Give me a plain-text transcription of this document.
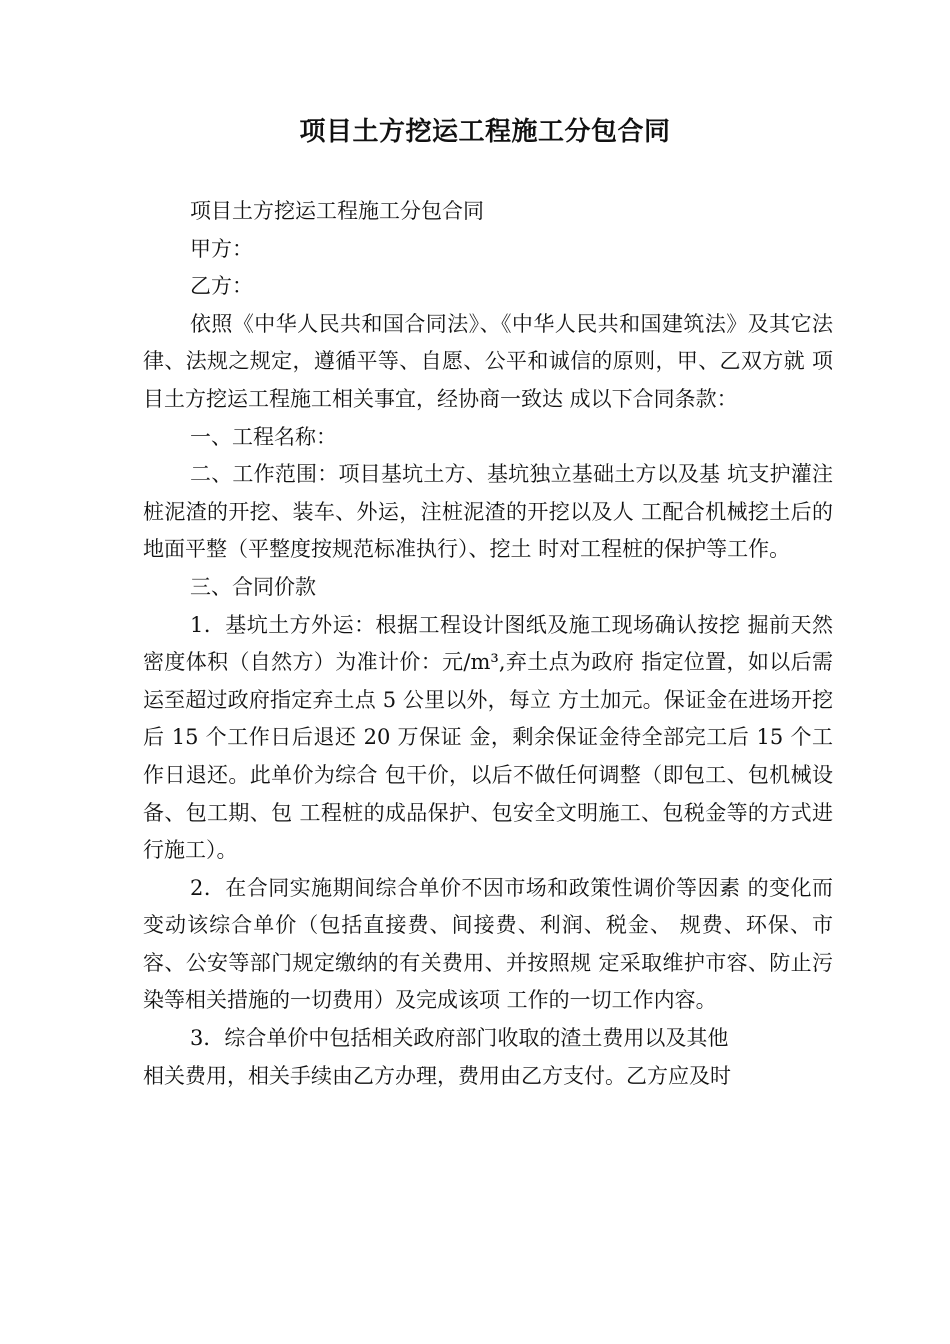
项目土方挖运工程施工分包合同

项目土方挖运工程施工分包合同

甲方：

乙方：

依照《中华人民共和国合同法》、《中华人民共和国建筑法》及其它法律、法规之规定，遵循平等、自愿、公平和诚信的原则，甲、乙双方就 项目土方挖运工程施工相关事宜，经协商一致达 成以下合同条款：

一、工程名称：

二、工作范围：项目基坑土方、基坑独立基础土方以及基 坑支护灌注桩泥渣的开挖、装车、外运，注桩泥渣的开挖以及人 工配合机械挖土后的地面平整（平整度按规范标准执行）、挖土 时对工程桩的保护等工作。

三、合同价款

1．基坑土方外运：根据工程设计图纸及施工现场确认按挖 掘前天然密度体积（自然方）为准计价：元/m³,弃土点为政府 指定位置，如以后需运至超过政府指定弃土点 5 公里以外，每立 方土加元。保证金在进场开挖后 15 个工作日后退还 20 万保证 金，剩余保证金待全部完工后 15 个工作日退还。此单价为综合 包干价，以后不做任何调整（即包工、包机械设备、包工期、包 工程桩的成品保护、包安全文明施工、包税金等的方式进行施工）。

2．在合同实施期间综合单价不因市场和政策性调价等因素 的变化而变动该综合单价（包括直接费、间接费、利润、税金、 规费、环保、市容、公安等部门规定缴纳的有关费用、并按照规 定采取维护市容、防止污染等相关措施的一切费用）及完成该项 工作的一切工作内容。

3．综合单价中包括相关政府部门收取的渣土费用以及其他

相关费用，相关手续由乙方办理，费用由乙方支付。乙方应及时
